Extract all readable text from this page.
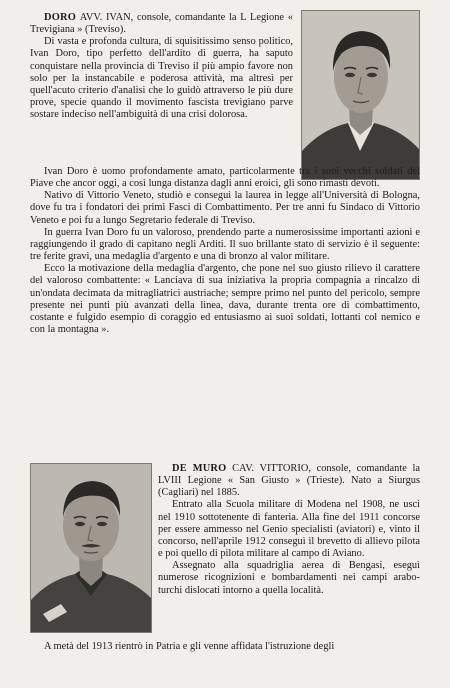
DORO AVV. IVAN, console, comandante la L Legione « Trevigiana » (Treviso).

Di vasta e profonda cultura, di squisitissimo senso politico, Ivan Doro, tipo perfetto dell'ardito di guerra, ha saputo conquistare nella provincia di Treviso il più ampio favore non solo per la instancabile e poderosa attività, ma altresì per quell'acuto criterio d'analisi che lo guidò attraverso le più dure prove, specie quando il movimento fascista trevigiano parve sostare indeciso nell'ambiguità di una crisi dolorosa.

Ivan Doro è uomo profondamente amato, particolarmente tra i suoi vecchi soldati del Piave che ancor oggi, a così lunga distanza dagli anni eroici, gli sono rimasti devoti.

Nativo di Vittorio Veneto, studiò e conseguì la laurea in legge all'Università di Bologna, dove fu tra i fondatori dei primi Fasci di Combattimento. Per tre anni fu Sindaco di Vittorio Veneto e poi fu a lungo Segretario federale di Treviso.

In guerra Ivan Doro fu un valoroso, prendendo parte a numerosissime importanti azioni e raggiungendo il grado di capitano negli Arditi. Il suo brillante stato di servizio è il seguente: tre ferite gravi, una medaglia d'argento e una di bronzo al valor militare.

Ecco la motivazione della medaglia d'argento, che pone nel suo giusto rilievo il carattere del valoroso combattente: « Lanciava di sua iniziativa la propria compagnia a rincalzo di un'ondata decimata da mitragliatrici austriache; sempre primo nel punto del pericolo, sempre presente nei punti più avanzati della linea, dava, durante trenta ore di combattimento, costante e fulgido esempio di coraggio ed entusiasmo ai suoi soldati, lottanti col nemico e con la montagna ».

DE MURO CAV. VITTORIO, console, comandante la LVIII Legione « San Giusto » (Trieste). Nato a Siurgus (Cagliari) nel 1885.

Entrato alla Scuola militare di Modena nel 1908, ne uscì nel 1910 sottotenente di fanteria. Alla fine del 1911 concorse per essere ammesso nel Genio specialisti (aviatori) e, vinto il concorso, nell'aprile 1912 conseguì il brevetto di allievo pilota e poi quello di pilota militare al campo di Aviano.

Assegnato alla squadriglia aerea di Bengasi, eseguì numerose ricognizioni e bombardamenti nei campi arabo-turchi dislocati intorno a quella località.

A metà del 1913 rientrò in Patria e gli venne affidata l'istruzione degli
